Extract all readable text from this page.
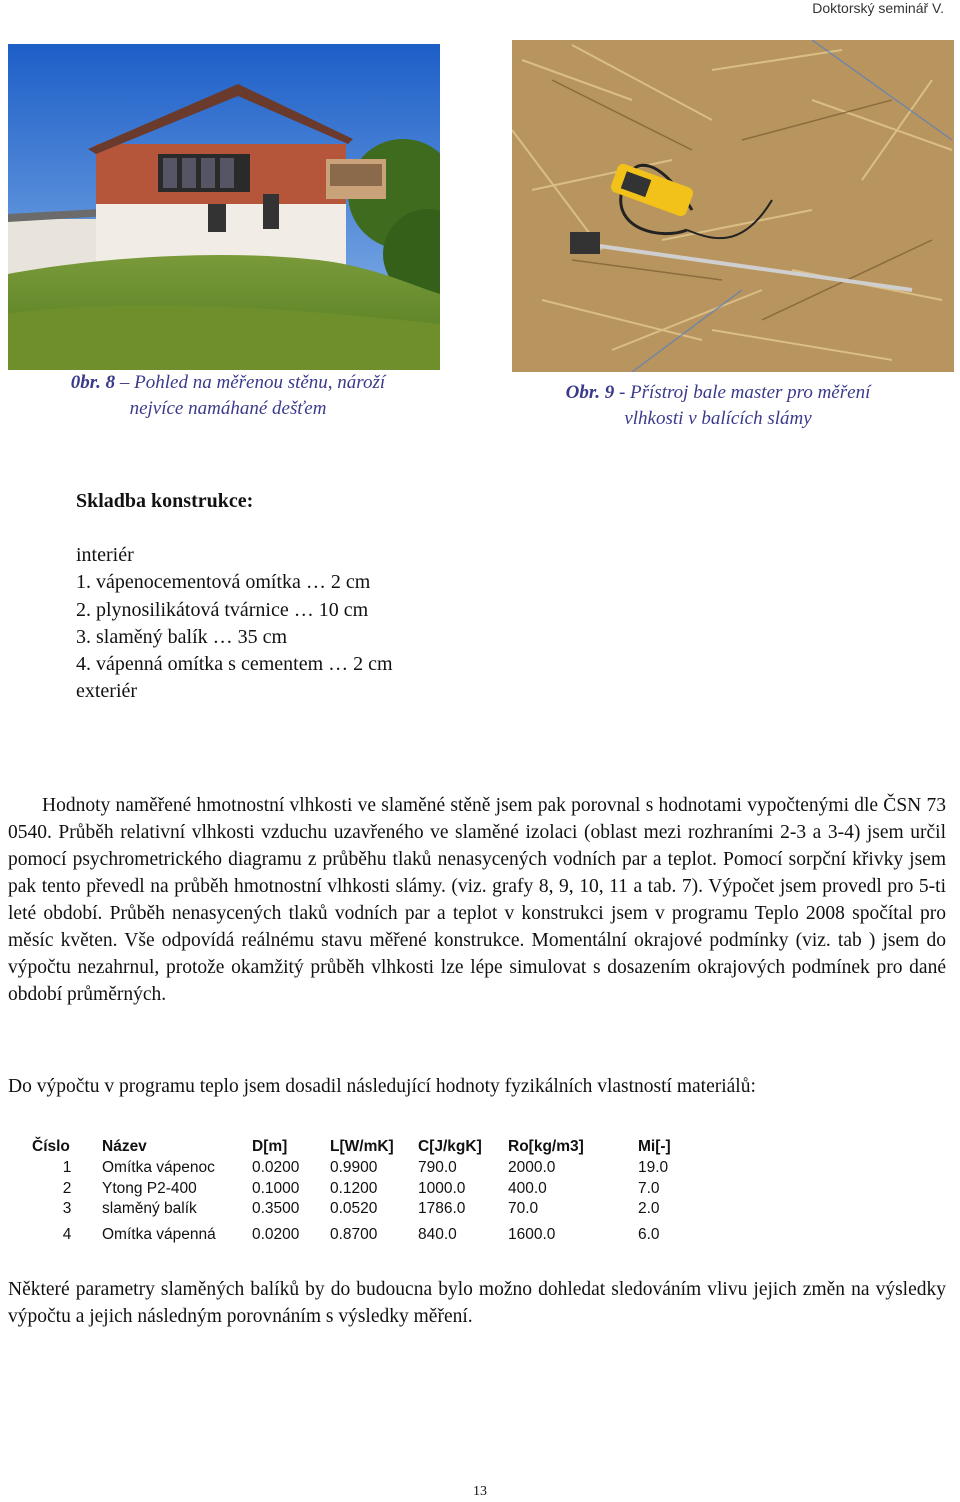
Doktorský seminář V.
0br. 8 – Pohled na měřenou stěnu, nároží
nejvíce namáhané dešťem
Obr. 9 - Přístroj bale master pro měření
vlhkosti v balících slámy
Skladba konstrukce:
interiér
1. vápenocementová omítka … 2 cm
2. plynosilikátová tvárnice … 10 cm
3. slaměný balík … 35 cm
4. vápenná omítka s cementem … 2 cm
exteriér
Hodnoty naměřené hmotnostní vlhkosti ve slaměné stěně jsem pak porovnal s hodnotami vypočtenými dle ČSN 73 0540. Průběh relativní vlhkosti vzduchu uzavřeného ve slaměné izolaci (oblast mezi rozhraními 2-3 a 3-4) jsem určil pomocí psychrometrického diagramu z průběhu tlaků nenasycených vodních par a teplot. Pomocí sorpční křivky jsem pak tento převedl na průběh hmotnostní vlhkosti slámy. (viz. grafy 8, 9, 10, 11 a tab. 7). Výpočet jsem provedl pro 5-ti leté období. Průběh nenasycených tlaků vodních par a teplot v konstrukci jsem v programu Teplo 2008 spočítal pro měsíc květen. Vše odpovídá reálnému stavu měřené konstrukce. Momentální okrajové podmínky (viz. tab ) jsem do výpočtu nezahrnul, protože okamžitý průběh vlhkosti lze lépe simulovat s dosazením okrajových podmínek pro dané období průměrných.
Do výpočtu v programu teplo jsem dosadil následující hodnoty fyzikálních vlastností materiálů:
Číslo	Název	D[m]	L[W/mK]	C[J/kgK]	Ro[kg/m3]	Mi[-]
1	Omítka vápenoc	0.0200	0.9900	790.0	2000.0	19.0
2	Ytong P2-400	0.1000	0.1200	1000.0	400.0	7.0
3	slaměný balík	0.3500	0.0520	1786.0	70.0	2.0
4	Omítka vápenná	0.0200	0.8700	840.0	1600.0	6.0
Některé parametry slaměných balíků by do budoucna bylo možno dohledat sledováním vlivu jejich změn na výsledky výpočtu a jejich následným porovnáním s výsledky měření.
13
